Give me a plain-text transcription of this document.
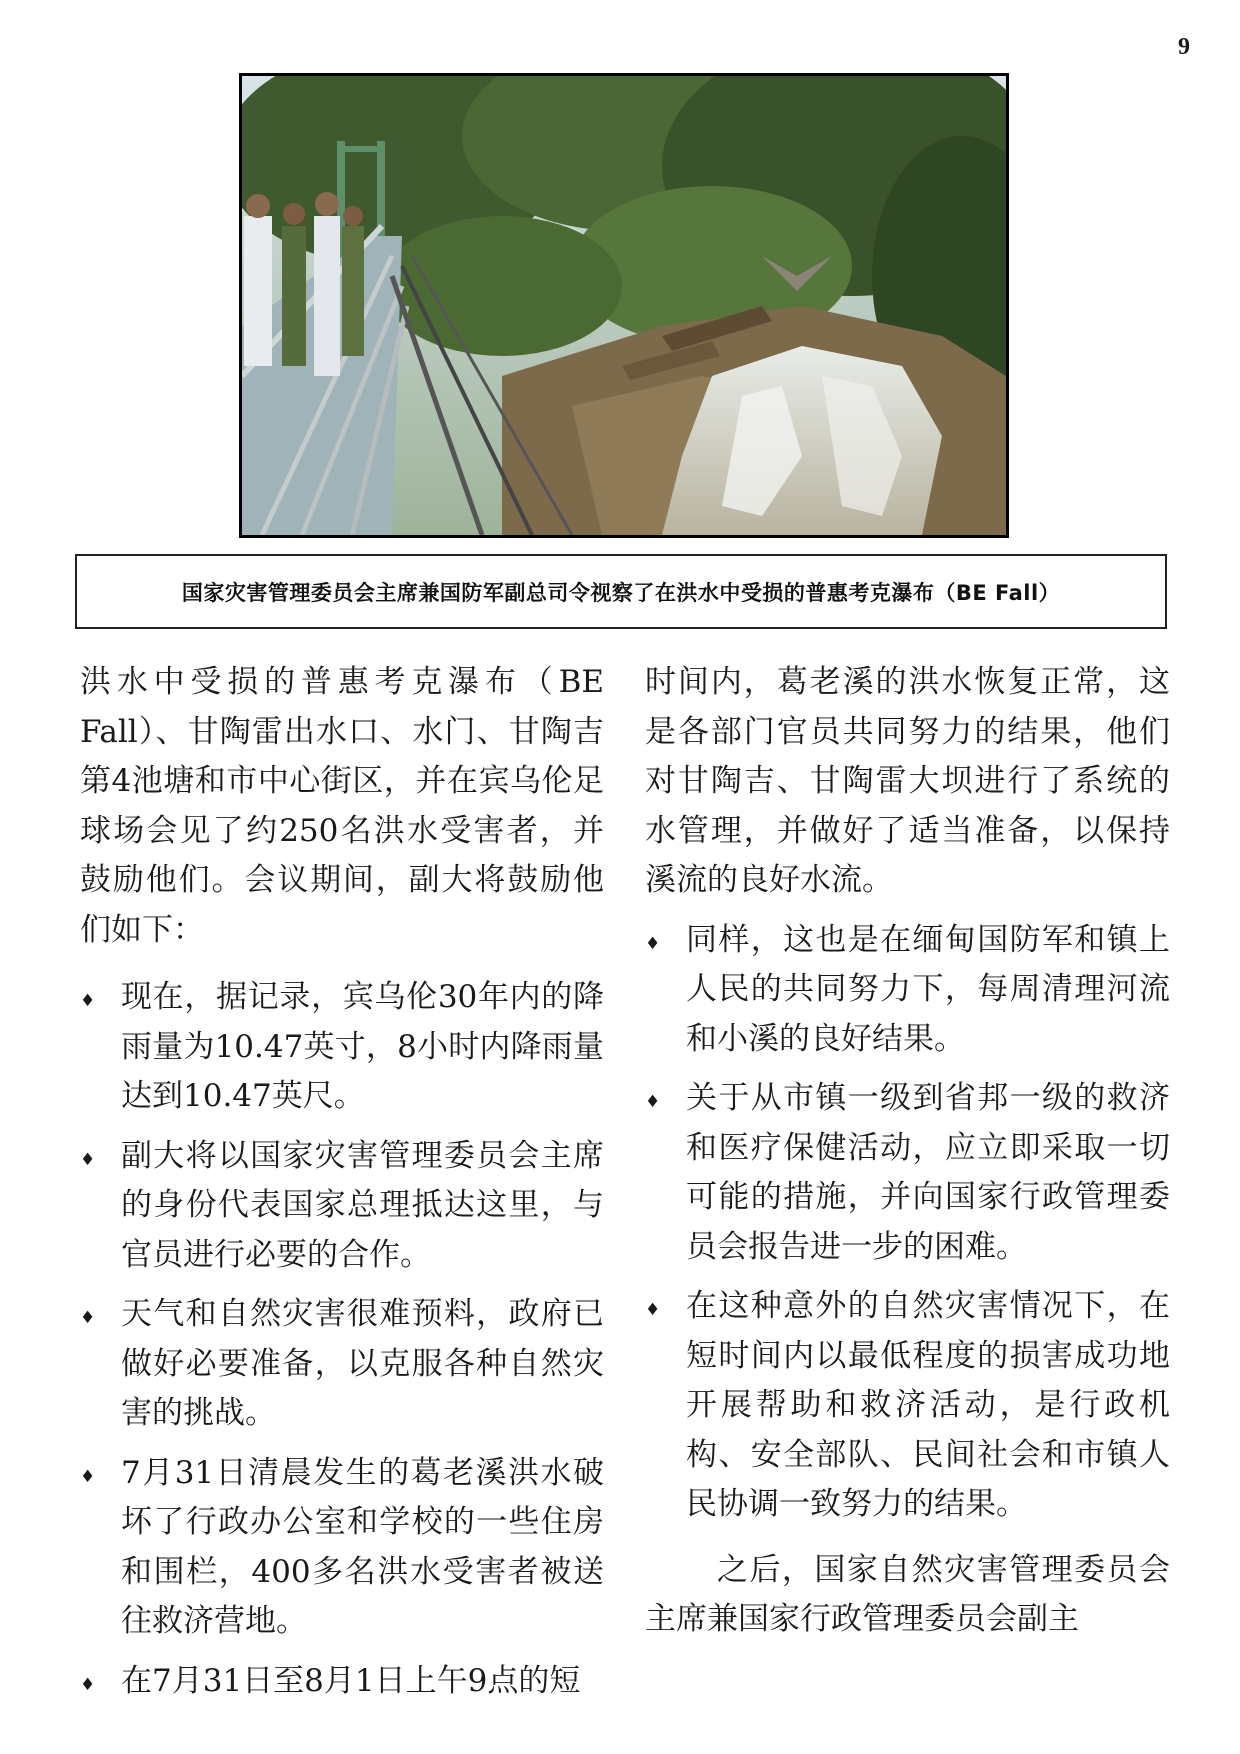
9
国家灾害管理委员会主席兼国防军副总司令视察了在洪水中受损的普惠考克瀑布（BE Fall）

洪水中受损的普惠考克瀑布（BE Fall）、甘陶雷出水口、水门、甘陶吉第4池塘和市中心街区，并在宾乌伦足球场会见了约250名洪水受害者，并鼓励他们。会议期间，副大将鼓励他们如下：

♦ 现在，据记录，宾乌伦30年内的降雨量为10.47英寸，8小时内降雨量达到10.47英尺。
♦ 副大将以国家灾害管理委员会主席的身份代表国家总理抵达这里，与官员进行必要的合作。
♦ 天气和自然灾害很难预料，政府已做好必要准备，以克服各种自然灾害的挑战。
♦ 7月31日清晨发生的葛老溪洪水破坏了行政办公室和学校的一些住房和围栏，400多名洪水受害者被送往救济营地。
♦ 在7月31日至8月1日上午9点的短

时间内，葛老溪的洪水恢复正常，这是各部门官员共同努力的结果，他们对甘陶吉、甘陶雷大坝进行了系统的水管理，并做好了适当准备，以保持溪流的良好水流。

♦ 同样，这也是在缅甸国防军和镇上人民的共同努力下，每周清理河流和小溪的良好结果。
♦ 关于从市镇一级到省邦一级的救济和医疗保健活动，应立即采取一切可能的措施，并向国家行政管理委员会报告进一步的困难。
♦ 在这种意外的自然灾害情况下，在短时间内以最低程度的损害成功地开展帮助和救济活动，是行政机构、安全部队、民间社会和市镇人民协调一致努力的结果。

之后，国家自然灾害管理委员会主席兼国家行政管理委员会副主
